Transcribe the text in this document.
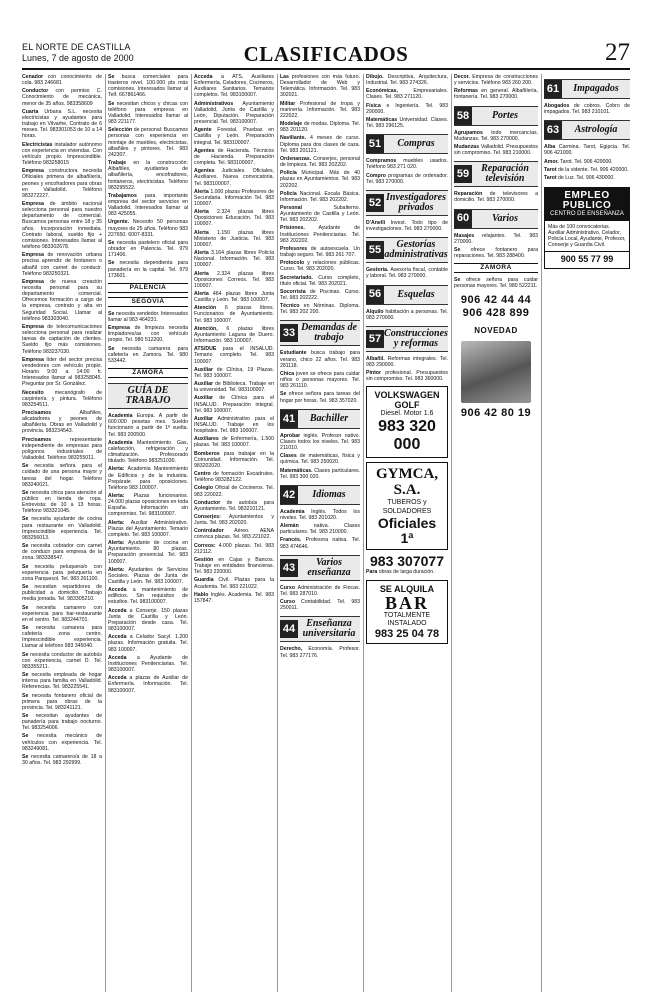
EL NORTE DE CASTILLA
Lunes, 7 de agosto de 2000	CLASIFICADOS	27

Cenador con conocimiento de cola. 983 246681

Conductor con permiso C. Conocimiento de mecánica, menor de 35 años. 983358609

Cuarta Urbana S.L. necesita electricistas y ayudantes para trabajo en Vilvarhe, Contrato de 6 meses. Tel. 983301053 de 10 a 14 horas.

Electricistas instalador autónomo con experiencia en viviendas. Con vehículo propio. Imprescindible. Teléfono 983258015

Empresa constructora necesita Ofiiciales primera de albañilería, peones y encofradores para obras en Valladolid. Teléfono 983272227.

Empresa de ámbito nacional selecciona personal para nuestro departamento de comercial. Buscamos personas entre 18 y 35 años. Incorporación inmediata. Contrato laboral, sueldo fijo + comisiones. Interesados llamar al teléfono 983302678.

Empresa de renovación urbana precisa aprendiz de fontanero o albañil con carnet de conducir. Teléfono 983250321.

Empresa de nueva creación necesita personal para su departamento comercial. Ofrecemos formación a cargo de la empresa, contrato y alta en Seguridad Social. Llamar al teléfono 983303040.

Empresa de telecomunicaciones selecciona personal para realizar tareas de captación de clientes. Sueldo fijo más comisiones. Teléfono 983237030.

Empresa líder del sector precisa vendedores con vehículo propio. Horario 9:00 a 14:00 h. Interesados llamar al 983258045. Preguntar por Sr. González.

Necesito mecanógrafo de carpintería y pintura. Teléfono 983254511.

Precisamos Albañiles, alicatadores y peones de albañilería. Obras en Valladolid y provincia. 983234543.

Precisamos representante independiente de empresas para polígonos industriales de Valladolid. Teléfono 983255011.

Se necesita señora para el cuidado de una persona mayor y tareas del hogar. Teléfono 983240021.

Se necesita chica para atención al público en tienda de ropa. Entrevista: de 10 a 13 horas. Teléfono 983321045.

Se necesita ayudante de cocina para restaurante en Valladolid. Imprescindible experiencia. Tel. 983256013.

Se necesita cobrador con carnet de conducir para empresa de la zona. 983338547.

Se necesita peluquera/o con experiencia para peluquería en zona Parquesol. Tel. 983 261100.

Se necesitan repartidores de publicidad a domicilio. Trabajo media jornada. Tel. 983305210.

Se necesita camarero con experiencia para bar-restaurante en el centro. Tel. 983244701.

Se necesita camarera para cafetería zona centro. Imprescindible experiencia. Llamar al teléfono 983 345040.

Se necesita conductor de autobús con experiencia, carnet D. Tel. 983355211.

Se necesita empleada de hogar interna para familia en Valladolid. Referencias. Tel. 983225541.

Se necesita fontanero oficial de primera para obras de la provincia. Tel. 983241121.

Se necesitan ayudantes de panadería para trabajo nocturno. Tel. 983254006.

Se necesita mecánico de vehículos con experiencia. Tel. 983249081.

Se necesita camarero/a de 18 a 30 años. Tel. 983 292999.

Se busca comerciales para trasteros nivel. 100.000 pts más comisiones. Interesados llamar al Telf. 667861466.

Se necesitan chicos y chicas con teléfono para empresa en Valladolid. Interesados llamar al 983 221177.

Selección de personal: Buscamos personas con experiencia en montaje de muebles, electricistas, albañiles y pintores. Tel. 983 242307.

Trabaje en la construcción: Albañiles, ayudantes de albañilería, encofradores, fontaneros, electricistas. Teléfono 983295522.

Trabajamos para importante empresa del sector servicios en Valladolid. Interesados llamar al 983 425055.

Urgente. Necesito 50 personas mayores de 25 años. Teléfono 983 227650. 6007-8331.

Se necesita pastelero oficial para obrador en Palencia. Tel. 979 171406.

Se necesita dependienta para panadería en la capital. Tel. 979 173601.

PALENCIA
SEGOVIA

Se necesita vendedor. Interesados llamar al 983 464231.

Empresa de limpieza necesita limpiadores/as con vehículo propio. Tel. 980 512200.

Se necesita camarera para cafetería en Zamora. Tel. 980 533442.

ZAMORA
GUÍA DE TRABAJO

Academia Europa. A partir de 600.000 pesetas mes. Sueldo funcionario a partir de 1ª vuelta. Tel. 983 200500.

Academia Mantenimiento. Gas, calefacción, refrigeración y climatización. Profesorado titulado. Teléfono 983251030.

Alerta: Academia Mantenimiento de Edificios y de la industria. Prepárate para oposiciones. Teléfono 983 100007.

Alerta: Plazas funcionarios. 24.000 plazas oposiciones en toda España. Información sin compromiso. Tel. 983100007.

Alerta: Auxiliar Administrativo. Plazas del Ayuntamiento. Temario completo. Tel. 983 100007.

Alerta: Ayudante de cocina en Ayuntamiento. 80 plazas. Preparación presencial. Tel. 983 100007.

Alerta: Ayudantes de Servicios Sociales. Plazas de Junta de Castilla y León. Tel. 983 100007.

Acceda a mantenimiento de edificios. Sin requisitos de estudios. Tel. 983100007.

Acceda a Conserje. 150 plazas Junta de Castilla y León. Preparación desde casa. Tel. 983100007.

Acceda a Celador Sacyl. 1.200 plazas. Información gratuita. Tel. 983 100007.

Acceda a Ayudante de Instituciones Penitenciarias. Tel. 983100007.

Acceda a plazas de Auxiliar de Enfermería. Información. Tel. 983100007.

Acceda a ATS, Auxiliares Enfermería, Celadores, Cocineros, Auxiliares Sanitarios. Temarios completos. Tel. 983100007.

Administrativos Ayuntamiento Valladolid, Junta de Castilla y León, Diputación. Preparación presencial. Tel. 983100007.

Agente Forestal. Pruebas en Castilla y León. Preparación integral. Tel. 983100007.

Agentes de Hacienda. Técnicos de Hacienda. Preparación completa. Tel. 983100007.

Agentes Judiciales. Oficiales, Auxiliares. Nueva convocatoria. Tel. 983100007.

Alerta 1.000 plazas Profesores de Secundaria. Información Tel. 983 100007.

Alerta 2.324 plazas libres Oposiciones Educación. Tel. 983 100007.

Alerta 1.150 plazas libres Ministerio de Justicia. Tel. 983 100007.

Alerta 3.164 plazas libres Policía Nacional. Información. Tel. 983 100007.

Alerta 2.324 plazas libres Oposiciones Correos. Tel. 983 100007.

Alerta 464 plazas libres Junta Castilla y León. Tel. 983 100007.

Atención 6 plazas libres. Funcionarios de Ayuntamiento. Tel. 983 100007.

Atención, 6 plazas libres Ayuntamiento Laguna de Duero. Información. 983 100007.

ATS/DUE para el INSALUD. Temario completo. Tel. 983 100007.

Auxiliar de Clínica, 19 Plazas. Tel. 983 100007.

Auxiliar de Biblioteca. Trabaje en la universidad. Tel. 983100007.

Auxiliar de Clínica para el INSALUD. Preparación integral. Tel. 983 100007.

Auxiliar Administrativo para el INSALUD. Trabaje en los hospitales. Tel. 983 100007.

Auxiliares de Enfermería, 1.500 plazas. Tel. 983 100007.

Bomberos para trabajar en la Comunidad. Información. Tel. 983202020.

Centro de formación Escadrutes. Teléfono 983282122.

Colegio Oficial de Cocineros. Tel. 983 220022.

Conductor de autobús para Ayuntamiento. Tel. 983210121.

Conserjes: Ayuntamientos y Junta. Tel. 983 202020.

Controlador Aéreo. AENA convoca plazas. Tel. 983 221022.

Correos: 4.000 plazas. Tel. 983 212112.

Gestión en Cajas y Bancos. Trabaje en entidades financieras. Tel. 983 220000.

Guardia Civil. Plazas para la Academia. Tel. 983 221022.

Hablo Inglés. Academia. Tel. 983 157847.

Las profesiones con más futuro. Desarrollador de Web y Telemática. Información. Tel. 983 302021.

Militar Profesional de tropa y marinería. Información. Tel. 983 222022.

Modelaje de modas. Diploma. Tel. 983 201120.

Naviliante. 4 meses de curso. Diploma para dos clases de caza. Tel. 983 201121.

Ordenanzas. Conserjes, personal de limpieza. Tel. 983 202202.

Policía Municipal. Más de 40 plazas en Ayuntamientos. Tel. 983 202202.

Policía Nacional. Escala Básica. Información. Tel. 983 202202.

Personal Subalterno. Ayuntamiento de Castilla y León. Tel. 983 202202.

Prisiones. Ayudante de Instituciones Penitenciarias. Tel. 983 202202.

Profesores de autoescuela. Un trabajo seguro. Tel. 983 261 707.

Protocolo y relaciones públicas. Curso. Tel. 983 202020.

Secretariado. Curso completo, título oficial. Tel. 983 202021.

Socorrista de Piscinas. Curso. Tel. 983 202222.

Técnico en Nóminas. Diploma. Tel. 983 202 200.

33 Demandas de trabajo

Estudiante busca trabajo para verano, chico 22 años. Tel. 983 281118.

Chica joven se ofrece para cuidar niños o personas mayores. Tel. 983 261110.

Se ofrece señora para tareas del hogar por horas. Tel. 983 357020.

41	Bachiller

Aprobar inglés. Profesor nativo. Clases todos los niveles. Tel. 983 211010.

Clases de matemáticas, física y química. Tel. 983 250020.

Matemáticas. Clases particulares. Tel. 983 300 020.

42	Idiomas

Academia Inglés. Todos los niveles. Tel. 983 201020.

Alemán nativa. Clases particulares. Tel. 983 210000.

Francés. Profesora nativa. Tel. 983 474646.

43	Varios enseñanza

Curso Administración de Fincas. Tel. 983 287010.

Curso Contabilidad. Tel. 983 250011.

44	Enseñanza universitaria

Derecho, Economía. Profesor. Tel. 983 277176.

Dibujo. Descriptiva, Arquitectura, Industrial. Tel. 983 274326.

Económicas, Empresariales. Clases. Tel. 983 271120.

Física e Ingeniería. Tel. 983 290000.

Matemáticas Universidad. Clases. Tel. 983 296125.

51	Compras

Compramos muebles usados. Teléfono 983 271 020.

Compro programas de ordenador. Tel. 983 270000.

52 Investigadores privados

D'Anelli Invest. Todo tipo de investigaciones. Tel. 983 270000.

55	Gestorías administrativas

Gestoría. Asesoría fiscal, contable y laboral. Tel. 983 270000.

56	Esquelas

Alquilo habitación a personas. Tel. 983 270000.

57 Construcciones y reformas

Albañil. Reformas integrales. Tel. 983 290000.

Pintor profesional. Presupuestos sin compromiso. Tel. 983 360000.

VOLKSWAGEN GOLF
Diesel. Motor 1.6
983 320 000
GYMCA, S.A.
TUBEROS y SOLDADORES
Oficiales 1ª
983 307077

Para obras de larga duración.

SE ALQUILA
BAR
TOTALMENTE INSTALADO
983 25 04 78

Decor. Empresa de construcciones y servicios. Teléfono 983 260 200.

Reformas en general. Albañilería, fontanería. Tel. 983 270000.

58	Portes

Agrupamos todo mercancías. Mudanzas. Tel. 983 270000.

Mudanzas Valladolid. Presupuestos sin compromiso. Tel. 983 210000.

59	Reparación televisión

Reparación de televisores a domicilio. Tel. 983 270000.

60	Varios

Masajes relajantes. Tel. 983 270000.

Se ofrece fontanero para reparaciones. Tel. 983 288400.

ZAMORA

Se ofrece señora para cuidar personas mayores. Tel. 980 522211.

906 42 44 44
906 428 899
NOVEDAD
906 42 80 19
61	Impagados

Abogados de cobros. Cobro de impagados. Tel. 983 210101.

63	Astrología

Alba Carmina. Tarot, Egipcia. Tel. 906 421000.

Amor. Tarot. Tel. 906 429000.

Tarot de la vidente. Tel. 906 420000.

Tarot de Luz. Tel. 906 430000.

EMPLEO PUBLICO
CENTRO DE ENSEÑANZA
Más de 100 convocatorias. Auxiliar Administrativo, Celador, Policía Local, Ayudante, Profesor, Conserje y Guardia Civil.
900 55 77 99
